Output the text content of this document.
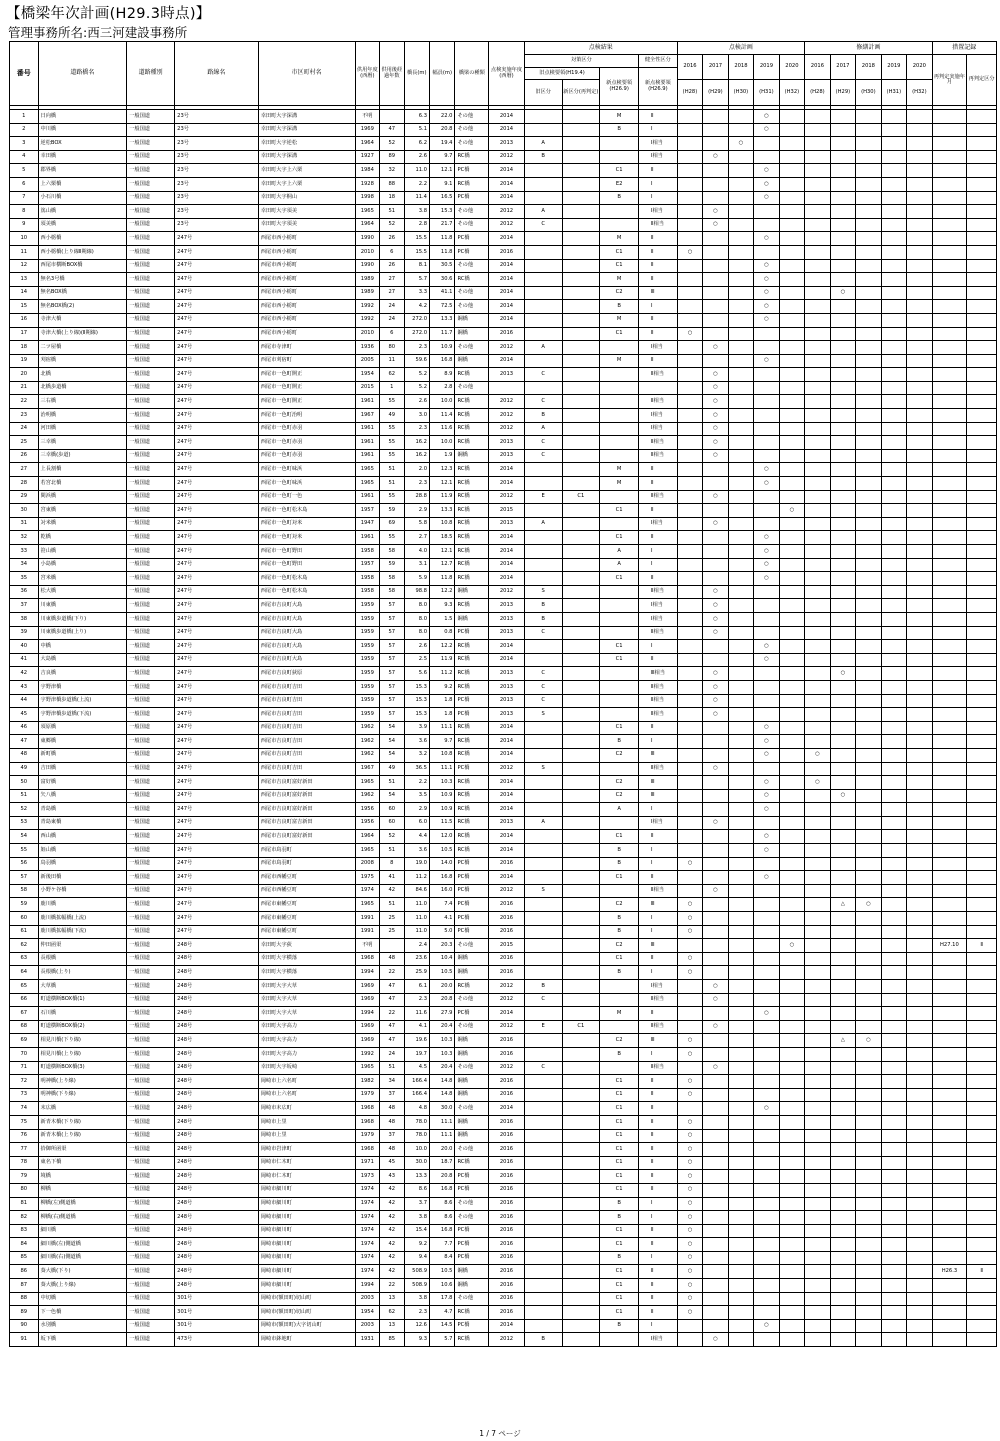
【橋梁年次計画(H29.3時点)】
管理事務所名:西三河建設事務所
番号	道路橋名	道路種別	路線名	市区町村名	供用年度(西暦)	供用後経過年数	橋長(m)	幅員(m)	橋梁の種類	点検実施年度(西暦)	点検結果				点検計画					修繕計画					措置記録	
											対策区分			健全性区分	2016	2017	2018	2019	2020	2016	2017	2018	2019	2020	再判定実施年月	再判定区分
											旧点検要領(H19.4)		新点検要領(H26.9)	新点検要領(H26.9)												
											旧区分	新区分(再判定)			(H28)	(H29)	(H30)	(H31)	(H32)	(H28)	(H29)	(H30)	(H31)	(H32)		

1	日向橋	一般国道	23号	幸田町大字深溝	不明		6.3	22.0	その他	2014			M	Ⅱ				○								
2	中川橋	一般国道	23号	幸田町大字深溝	1969	47	5.1	20.8	その他	2014			B	Ⅰ				○								
3	逆松BOX	一般国道	23号	幸田町大字逆松	1964	52	6.2	19.4	その他	2013	A			Ⅰ相当			○									
4	幸田橋	一般国道	23号	幸田町大字深溝	1927	89	2.6	9.7	RC橋	2012	B			Ⅰ相当		○										
5	郡界橋	一般国道	23号	幸田町大字上六栗	1984	32	11.0	12.1	PC橋	2014			C1	Ⅱ				○								
6	上六栗橋	一般国道	23号	幸田町大字上六栗	1928	88	2.2	9.1	RC橋	2014			E2	Ⅰ				○								
7	小石川橋	一般国道	23号	幸田町大字桐山	1998	18	11.4	16.5	PC橋	2014			B	Ⅰ				○								
8	篤山橋	一般国道	23号	幸田町大字須美	1965	51	3.8	15.3	その他	2012	A			Ⅰ相当		○										
9	須美橋	一般国道	23号	幸田町大字須美	1964	52	2.8	21.7	その他	2012	C			Ⅱ相当		○										
10	西小栃橋	一般国道	247号	西尾市西小栃町	1990	26	15.5	11.8	PC橋	2014			M	Ⅱ				○								
11	西小栃橋(上り線Ⅱ期線)	一般国道	247号	西尾市西小栃町	2010	6	15.5	11.8	PC橋	2016			C1	Ⅱ	○											
12	西尾市横断BOX橋	一般国道	247号	西尾市西小栃町	1990	26	8.1	30.5	その他	2014			C1	Ⅱ				○								
13	無名3号橋	一般国道	247号	西尾市西小栃町	1989	27	5.7	30.6	RC橋	2014			M	Ⅱ				○								
14	無名BOX橋	一般国道	247号	西尾市西小栃町	1989	27	3.3	41.1	その他	2014			C2	Ⅲ				○			○					
15	無名BOX橋(2)	一般国道	247号	西尾市西小栃町	1992	24	4.2	72.5	その他	2014			B	Ⅰ				○								
16	寺津大橋	一般国道	247号	西尾市西小栃町	1992	24	272.0	13.3	鋼橋	2014			M	Ⅱ				○								
17	寺津大橋(上り線)(Ⅱ期線)	一般国道	247号	西尾市西小栃町	2010	6	272.0	11.7	鋼橋	2016			C1	Ⅱ	○											
18	二ツ屋橋	一般国道	247号	西尾市寺津町	1936	80	2.3	10.9	その他	2012	A			Ⅰ相当		○										
19	刈宿橋	一般国道	247号	西尾市刈宿町	2005	11	59.6	16.8	鋼橋	2014			M	Ⅱ				○								
20	北橋	一般国道	247号	西尾市一色町開正	1954	62	5.2	8.9	RC橋	2013	C			Ⅱ相当		○										
21	北橋歩道橋	一般国道	247号	西尾市一色町開正	2015	1	5.2	2.8	その他							○										
22	三右橋	一般国道	247号	西尾市一色町開正	1961	55	2.6	10.0	RC橋	2012	C			Ⅱ相当		○										
23	治明橋	一般国道	247号	西尾市一色町治明	1967	49	3.0	11.4	RC橋	2012	B			Ⅰ相当		○										
24	河田橋	一般国道	247号	西尾市一色町赤羽	1961	55	2.3	11.6	RC橋	2012	A			Ⅰ相当		○										
25	三幸橋	一般国道	247号	西尾市一色町赤羽	1961	55	16.2	10.0	RC橋	2013	C			Ⅱ相当		○										
26	三幸橋(歩道)	一般国道	247号	西尾市一色町赤羽	1961	55	16.2	1.9	鋼橋	2013	C			Ⅱ相当		○										
27	上長割橋	一般国道	247号	西尾市一色町味浜	1965	51	2.0	12.3	RC橋	2014			M	Ⅱ				○								
28	若宮北橋	一般国道	247号	西尾市一色町味浜	1965	51	2.3	12.1	RC橋	2014			M	Ⅱ				○								
29	間浜橋	一般国道	247号	西尾市一色町一色	1961	55	28.8	11.9	RC橋	2012	E	C1		Ⅱ相当		○										
30	宮東橋	一般国道	247号	西尾市一色町松木島	1957	59	2.9	13.3	RC橋	2015			C1	Ⅱ					○							
31	対米橋	一般国道	247号	西尾市一色町対米	1947	69	5.8	10.8	RC橋	2013	A			Ⅰ相当		○										
32	乾橋	一般国道	247号	西尾市一色町対米	1961	55	2.7	18.5	RC橋	2014			C1	Ⅱ				○								
33	笹山橋	一般国道	247号	西尾市一色町野田	1958	58	4.0	12.1	RC橋	2014			A	Ⅰ				○								
34	小島橋	一般国道	247号	西尾市一色町野田	1957	59	3.1	12.7	RC橋	2014			A	Ⅰ				○								
35	宮米橋	一般国道	247号	西尾市一色町松木島	1958	58	5.9	11.8	RC橋	2014			C1	Ⅱ				○								
36	松大橋	一般国道	247号	西尾市一色町松木島	1958	58	98.8	12.2	鋼橋	2012	S			Ⅱ相当		○										
37	川東橋	一般国道	247号	西尾市吉良町大島	1959	57	8.0	9.3	RC橋	2013	B			Ⅰ相当		○										
38	川東橋歩道橋(下り)	一般国道	247号	西尾市吉良町大島	1959	57	8.0	1.5	鋼橋	2013	B			Ⅰ相当		○										
39	川東橋歩道橋(上り)	一般国道	247号	西尾市吉良町大島	1959	57	8.0	0.8	PC橋	2013	C			Ⅱ相当		○										
40	中橋	一般国道	247号	西尾市吉良町大島	1959	57	2.6	12.2	RC橋	2014			C1	Ⅰ				○								
41	大島橋	一般国道	247号	西尾市吉良町大島	1959	57	2.5	11.9	RC橋	2014			C1	Ⅱ				○								
42	吉良橋	一般国道	247号	西尾市吉良町荻原	1959	57	5.6	11.2	RC橋	2013	C			Ⅲ相当		○					○					
43	宇野津橋	一般国道	247号	西尾市吉良町吉田	1959	57	15.3	9.2	RC橋	2013	C			Ⅱ相当		○										
44	宇野津橋歩道橋(上流)	一般国道	247号	西尾市吉良町吉田	1959	57	15.3	1.8	PC橋	2013	C			Ⅱ相当		○										
45	宇野津橋歩道橋(下流)	一般国道	247号	西尾市吉良町吉田	1959	57	15.3	1.8	PC橋	2013	S			Ⅱ相当		○										
46	須原橋	一般国道	247号	西尾市吉良町吉田	1962	54	3.9	11.1	RC橋	2014			C1	Ⅱ				○								
47	東郷橋	一般国道	247号	西尾市吉良町吉田	1962	54	3.6	9.7	RC橋	2014			B	Ⅰ				○								
48	新町橋	一般国道	247号	西尾市吉良町吉田	1962	54	3.2	10.8	RC橋	2014			C2	Ⅲ				○		○						
49	吉田橋	一般国道	247号	西尾市吉良町吉田	1967	49	36.5	11.1	PC橋	2012	S			Ⅱ相当		○										
50	富好橋	一般国道	247号	西尾市吉良町富好新田	1965	51	2.2	10.3	RC橋	2014			C2	Ⅲ				○		○						
51	矢八橋	一般国道	247号	西尾市吉良町富好新田	1962	54	3.5	10.9	RC橋	2014			C2	Ⅲ				○			○					
52	青島橋	一般国道	247号	西尾市吉良町富好新田	1956	60	2.9	10.9	RC橋	2014			A	Ⅰ				○								
53	青島東橋	一般国道	247号	西尾市吉良町富吉新田	1956	60	6.0	11.5	RC橋	2013	A			Ⅰ相当		○										
54	西山橋	一般国道	247号	西尾市吉良町富好新田	1964	52	4.4	12.0	RC橋	2014			C1	Ⅱ				○								
55	姫山橋	一般国道	247号	西尾市鳥羽町	1965	51	3.6	10.5	RC橋	2014			B	Ⅰ				○								
56	鳥羽橋	一般国道	247号	西尾市鳥羽町	2008	8	19.0	14.0	PC橋	2016			B	Ⅰ	○											
57	新後田橋	一般国道	247号	西尾市西幡豆町	1975	41	11.2	16.8	PC橋	2014			C1	Ⅱ				○								
58	小野ケ谷橋	一般国道	247号	西尾市西幡豆町	1974	42	84.6	16.0	PC橋	2012	S			Ⅱ相当		○										
59	鹿川橋	一般国道	247号	西尾市東幡豆町	1965	51	11.0	7.4	PC橋	2016			C2	Ⅲ	○						△	○				
60	鹿川橋拡幅橋(上流)	一般国道	247号	西尾市東幡豆町	1991	25	11.0	4.1	PC橋	2016			B	Ⅰ	○											
61	鹿川橋拡幅橋(下流)	一般国道	247号	西尾市東幡豆町	1991	25	11.0	5.0	PC橋	2016			B	Ⅰ	○											
62	仲田函渠	一般国道	248号	幸田町大字荻	不明		2.4	20.3	その他	2015			C2	Ⅲ					○						H27.10	Ⅱ
63	長根橋	一般国道	248号	幸田町大字横落	1968	48	23.6	10.4	鋼橋	2016			C1	Ⅱ	○											
64	長根橋(上り)	一般国道	248号	幸田町大字横落	1994	22	25.9	10.5	鋼橋	2016			B	Ⅰ	○											
65	大草橋	一般国道	248号	幸田町大字大草	1969	47	6.1	20.0	RC橋	2012	B			Ⅰ相当		○										
66	町道横断BOX橋(1)	一般国道	248号	幸田町大字大草	1969	47	2.3	20.8	その他	2012	C			Ⅱ相当		○										
67	石川橋	一般国道	248号	幸田町大字大草	1994	22	11.6	27.9	PC橋	2014			M	Ⅱ				○								
68	町道横断BOX橋(2)	一般国道	248号	幸田町大字高力	1969	47	4.1	20.4	その他	2012	E	C1		Ⅱ相当		○										
69	相見川橋(下り線)	一般国道	248号	幸田町大字高力	1969	47	19.6	10.3	鋼橋	2016			C2	Ⅲ	○						△	○				
70	相見川橋(上り線)	一般国道	248号	幸田町大字高力	1992	24	19.7	10.3	鋼橋	2016			B	Ⅰ	○											
71	町道横断BOX橋(3)	一般国道	248号	幸田町大字坂崎	1965	51	4.5	20.4	その他	2012	C			Ⅱ相当		○										
72	明神橋(上り線)	一般国道	248号	岡崎市上六名町	1982	34	166.4	14.8	鋼橋	2016			C1	Ⅱ	○											
73	明神橋(下り線)	一般国道	248号	岡崎市上六名町	1979	37	166.4	14.8	鋼橋	2016			C1	Ⅱ	○											
74	末広橋	一般国道	248号	岡崎市末広町	1968	48	4.8	30.0	その他	2014			C1	Ⅱ				○								
75	新青木橋(下り線)	一般国道	248号	岡崎市上里	1968	48	78.0	11.1	鋼橋	2016			C1	Ⅱ	○											
76	新青木橋(上り線)	一般国道	248号	岡崎市上里	1979	37	78.0	11.1	鋼橋	2016			C1	Ⅱ	○											
77	拾御所函渠	一般国道	248号	岡崎市岩津町	1968	48	10.0	20.0	その他	2016			C1	Ⅱ	○											
78	東名下橋	一般国道	248号	岡崎市仁木町	1971	45	30.0	18.7	RC橋	2016			C1	Ⅱ	○											
79	境橋	一般国道	248号	岡崎市仁木町	1973	43	13.3	20.8	PC橋	2016			C1	Ⅱ	○											
80	柳橋	一般国道	248号	岡崎市細川町	1974	42	8.6	16.8	PC橋	2016			C1	Ⅱ	○											
81	柳橋(左)側道橋	一般国道	248号	岡崎市細川町	1974	42	3.7	8.6	その他	2016			B	Ⅰ	○											
82	柳橋(右)側道橋	一般国道	248号	岡崎市細川町	1974	42	3.8	8.6	その他	2016			B	Ⅰ	○											
83	細川橋	一般国道	248号	岡崎市細川町	1974	42	15.4	16.8	PC橋	2016			C1	Ⅱ	○											
84	細川橋(左)側道橋	一般国道	248号	岡崎市細川町	1974	42	9.2	7.7	PC橋	2016			C1	Ⅱ	○											
85	細川橋(右)側道橋	一般国道	248号	岡崎市細川町	1974	42	9.4	8.4	PC橋	2016			B	Ⅰ	○											
86	葵大橋(下り)	一般国道	248号	岡崎市細川町	1974	42	508.9	10.5	鋼橋	2016			C1	Ⅱ	○										H26.3	Ⅱ
87	葵大橋(上り線)	一般国道	248号	岡崎市細川町	1994	22	508.9	10.6	鋼橋	2016			C1	Ⅱ	○											
88	中切橋	一般国道	301号	岡崎市(額田町)切山町	2003	13	3.8	17.8	その他	2016			C1	Ⅱ	○											
89	下一色橋	一般国道	301号	岡崎市(額田町)切山町	1954	62	2.3	4.7	RC橋	2016			C1	Ⅱ	○											
90	水別橋	一般国道	301号	岡崎市(額田町)大字切山町	2003	13	12.6	14.5	PC橋	2014			B	Ⅰ				○								
91	坂下橋	一般国道	473号	岡崎市鉢地町	1931	85	9.3	5.7	RC橋	2012	B			Ⅰ相当		○										
1 / 7 ページ
